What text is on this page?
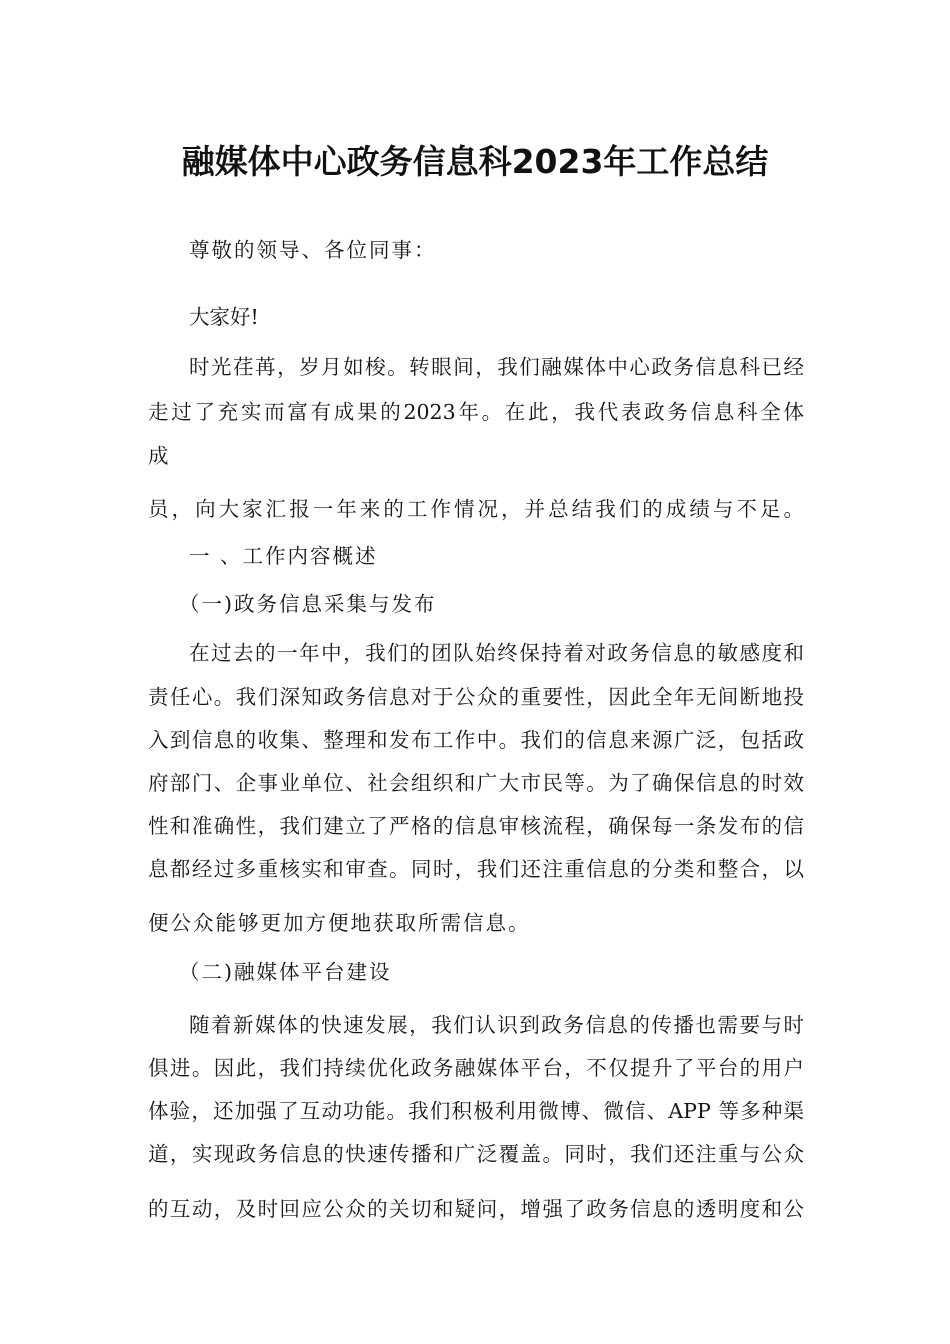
融媒体中心政务信息科2023年工作总结
尊敬的领导、各位同事：
大家好!
时光荏苒，岁月如梭。转眼间，我们融媒体中心政务信息科已经
走过了充实而富有成果的2023年。在此，我代表政务信息科全体
成
员，向大家汇报一年来的工作情况，并总结我们的成绩与不足。
一 、工作内容概述
（一)政务信息采集与发布
在过去的一年中，我们的团队始终保持着对政务信息的敏感度和
责任心。我们深知政务信息对于公众的重要性，因此全年无间断地投
入到信息的收集、整理和发布工作中。我们的信息来源广泛，包括政
府部门、企事业单位、社会组织和广大市民等。为了确保信息的时效
性和准确性，我们建立了严格的信息审核流程，确保每一条发布的信
息都经过多重核实和审查。同时，我们还注重信息的分类和整合，以
便公众能够更加方便地获取所需信息。
（二)融媒体平台建设
随着新媒体的快速发展，我们认识到政务信息的传播也需要与时
俱进。因此，我们持续优化政务融媒体平台，不仅提升了平台的用户
体验，还加强了互动功能。我们积极利用微博、微信、APP 等多种渠
道，实现政务信息的快速传播和广泛覆盖。同时，我们还注重与公众
的互动，及时回应公众的关切和疑问，增强了政务信息的透明度和公
